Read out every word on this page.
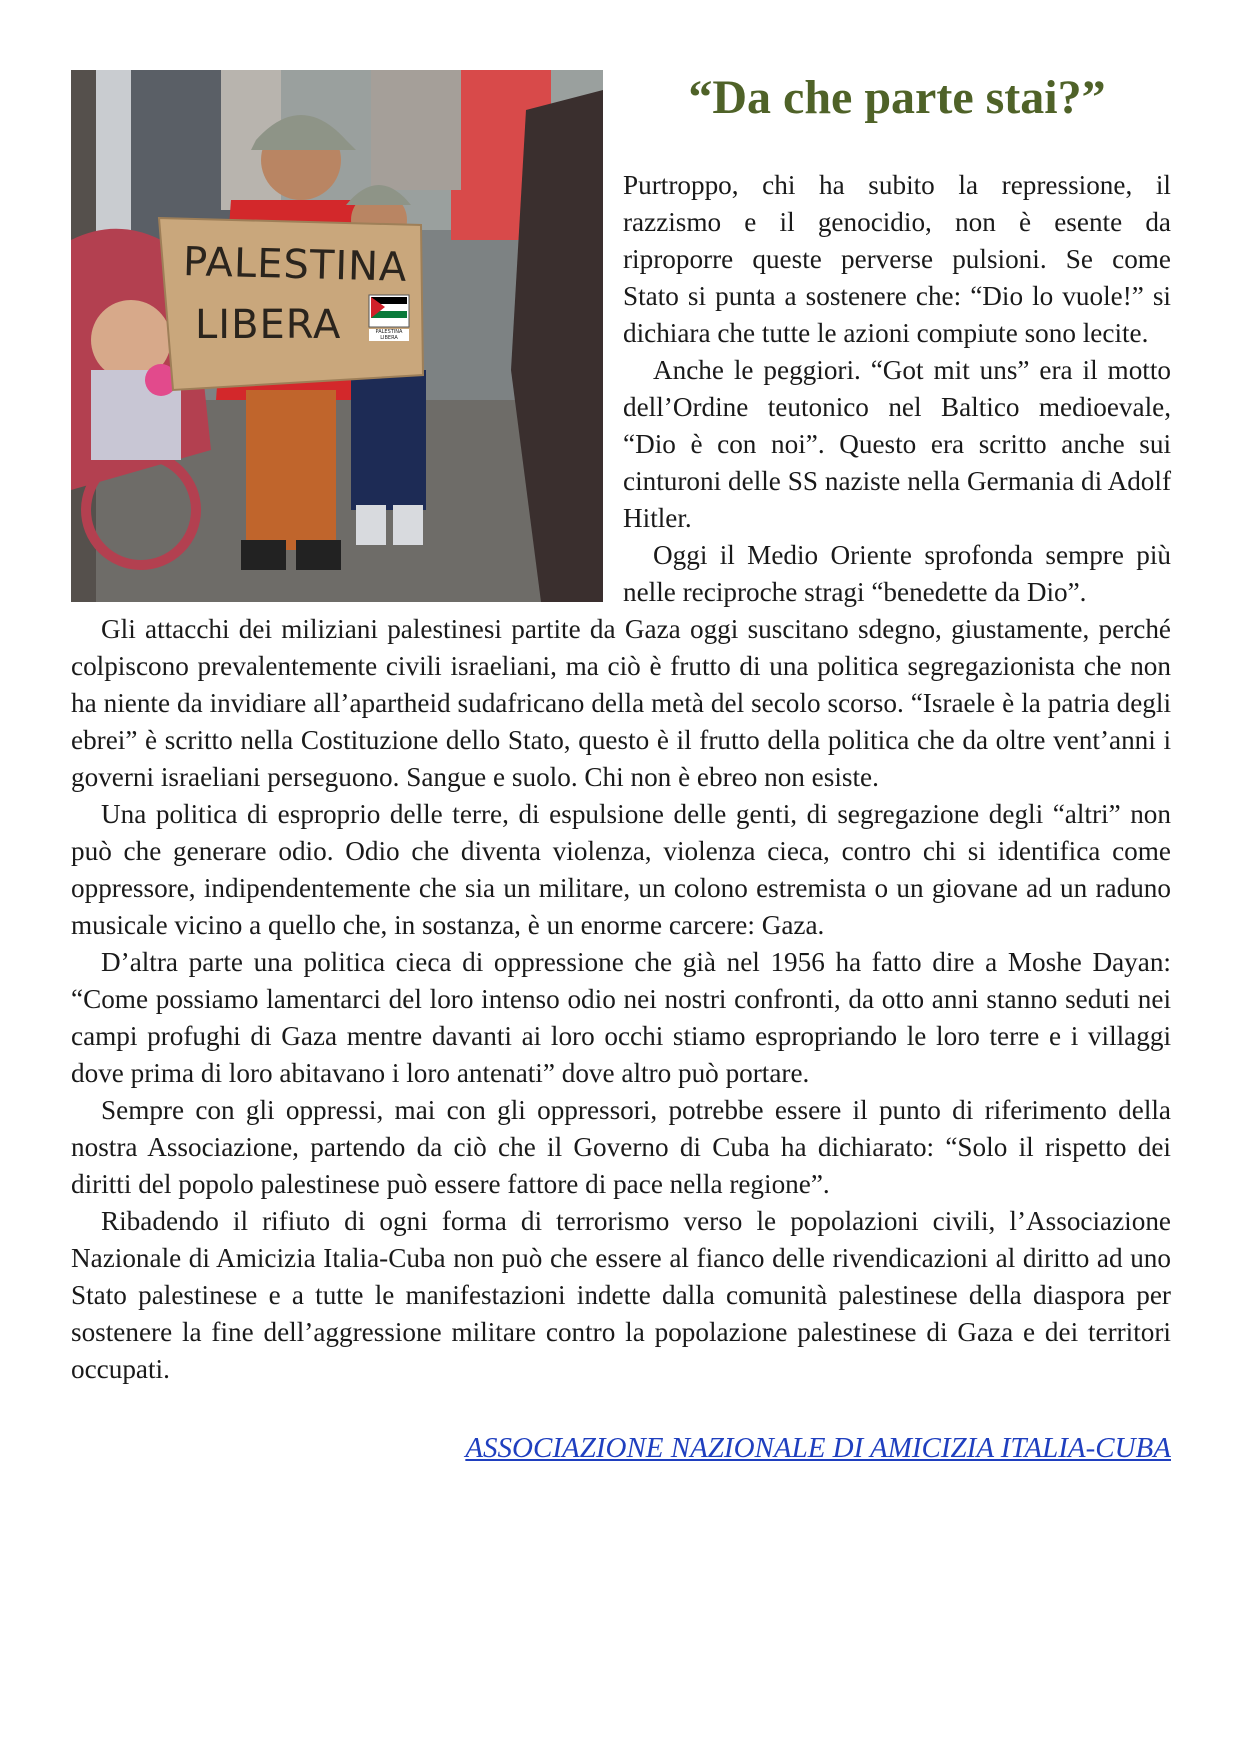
PALESTINA
LIBERA	PALESTINA LIBERA
“Da che parte stai?”

Purtroppo, chi ha subito la repressione, il razzismo e il genocidio, non è esente da riproporre queste perverse pulsioni. Se come Stato si punta a sostenere che: “Dio lo vuole!” si dichiara che tutte le azioni compiute sono lecite.

Anche le peggiori. “Got mit uns” era il motto dell’Ordine teutonico nel Baltico medioevale, “Dio è con noi”. Questo era scritto anche sui cinturoni delle SS naziste nella Germania di Adolf Hitler.

Oggi il Medio Oriente sprofonda sempre più nelle reciproche stragi “benedette da Dio”.

Gli attacchi dei miliziani palestinesi partite da Gaza oggi suscitano sdegno, giustamente, perché colpiscono prevalentemente civili israeliani, ma ciò è frutto di una politica segregazionista che non ha niente da invidiare all’apartheid sudafricano della metà del secolo scorso. “Israele è la patria degli ebrei” è scritto nella Costituzione dello Stato, questo è il frutto della politica che da oltre vent’anni i governi israeliani perseguono. Sangue e suolo. Chi non è ebreo non esiste.

Una politica di esproprio delle terre, di espulsione delle genti, di segregazione degli “altri” non può che generare odio. Odio che diventa violenza, violenza cieca, contro chi si identifica come oppressore, indipendentemente che sia un militare, un colono estremista o un giovane ad un raduno musicale vicino a quello che, in sostanza, è un enorme carcere: Gaza.

D’altra parte una politica cieca di oppressione che già nel 1956 ha fatto dire a Moshe Dayan: “Come possiamo lamentarci del loro intenso odio nei nostri confronti, da otto anni stanno seduti nei campi profughi di Gaza mentre davanti ai loro occhi stiamo espropriando le loro terre e i villaggi dove prima di loro abitavano i loro antenati” dove altro può portare.

Sempre con gli oppressi, mai con gli oppressori, potrebbe essere il punto di riferimento della nostra Associazione, partendo da ciò che il Governo di Cuba ha dichiarato: “Solo il rispetto dei diritti del popolo palestinese può essere fattore di pace nella regione”.

Ribadendo il rifiuto di ogni forma di terrorismo verso le popolazioni civili, l’Associazione Nazionale di Amicizia Italia-Cuba non può che essere al fianco delle rivendicazioni al diritto ad uno Stato palestinese e a tutte le manifestazioni indette dalla comunità palestinese della diaspora per sostenere la fine dell’aggressione militare contro la popolazione palestinese di Gaza e dei territori occupati.

ASSOCIAZIONE NAZIONALE DI AMICIZIA ITALIA-CUBA
